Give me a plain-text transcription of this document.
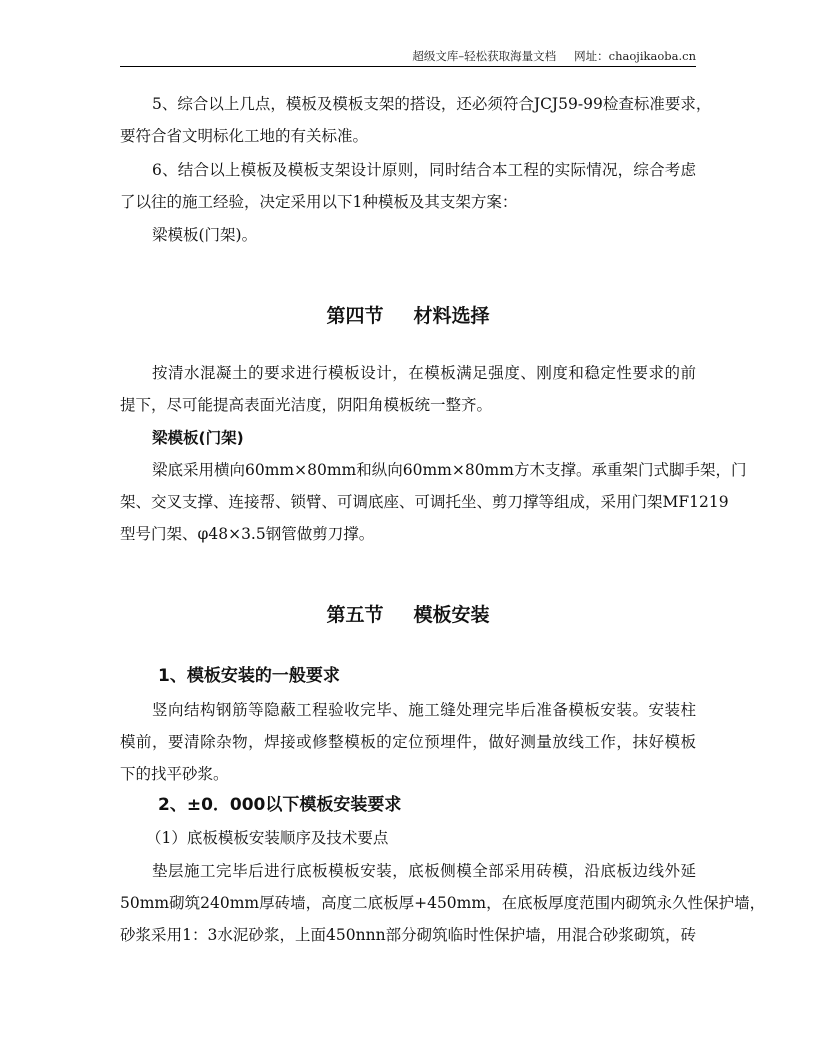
超级文库–轻松获取海量文档 网址：chaojikaoba.cn
5、综合以上几点，模板及模板支架的搭设，还必须符合JCJ59-99检查标准要求，
要符合省文明标化工地的有关标准。
6、结合以上模板及模板支架设计原则，同时结合本工程的实际情况，综合考虑
了以往的施工经验，决定采用以下1种模板及其支架方案：
梁模板(门架)。
第四节 材料选择
按清水混凝土的要求进行模板设计，在模板满足强度、刚度和稳定性要求的前
提下，尽可能提高表面光洁度，阴阳角模板统一整齐。
梁模板(门架)
梁底采用横向60mm×80mm和纵向60mm×80mm方木支撑。承重架门式脚手架，门
架、交叉支撑、连接帮、锁臂、可调底座、可调托坐、剪刀撑等组成，采用门架MF1219
型号门架、φ48×3.5钢管做剪刀撑。
第五节 模板安装
1、模板安装的一般要求
竖向结构钢筋等隐蔽工程验收完毕、施工缝处理完毕后准备模板安装。安装柱
模前，要清除杂物，焊接或修整模板的定位预埋件，做好测量放线工作，抹好模板
下的找平砂浆。
2、±0．000以下模板安装要求
（1）底板模板安装顺序及技术要点
垫层施工完毕后进行底板模板安装，底板侧模全部采用砖模，沿底板边线外延
50mm砌筑240mm厚砖墙，高度二底板厚+450mm，在底板厚度范围内砌筑永久性保护墙，
砂浆采用1：3水泥砂浆，上面450nnn部分砌筑临时性保护墙，用混合砂浆砌筑，砖
